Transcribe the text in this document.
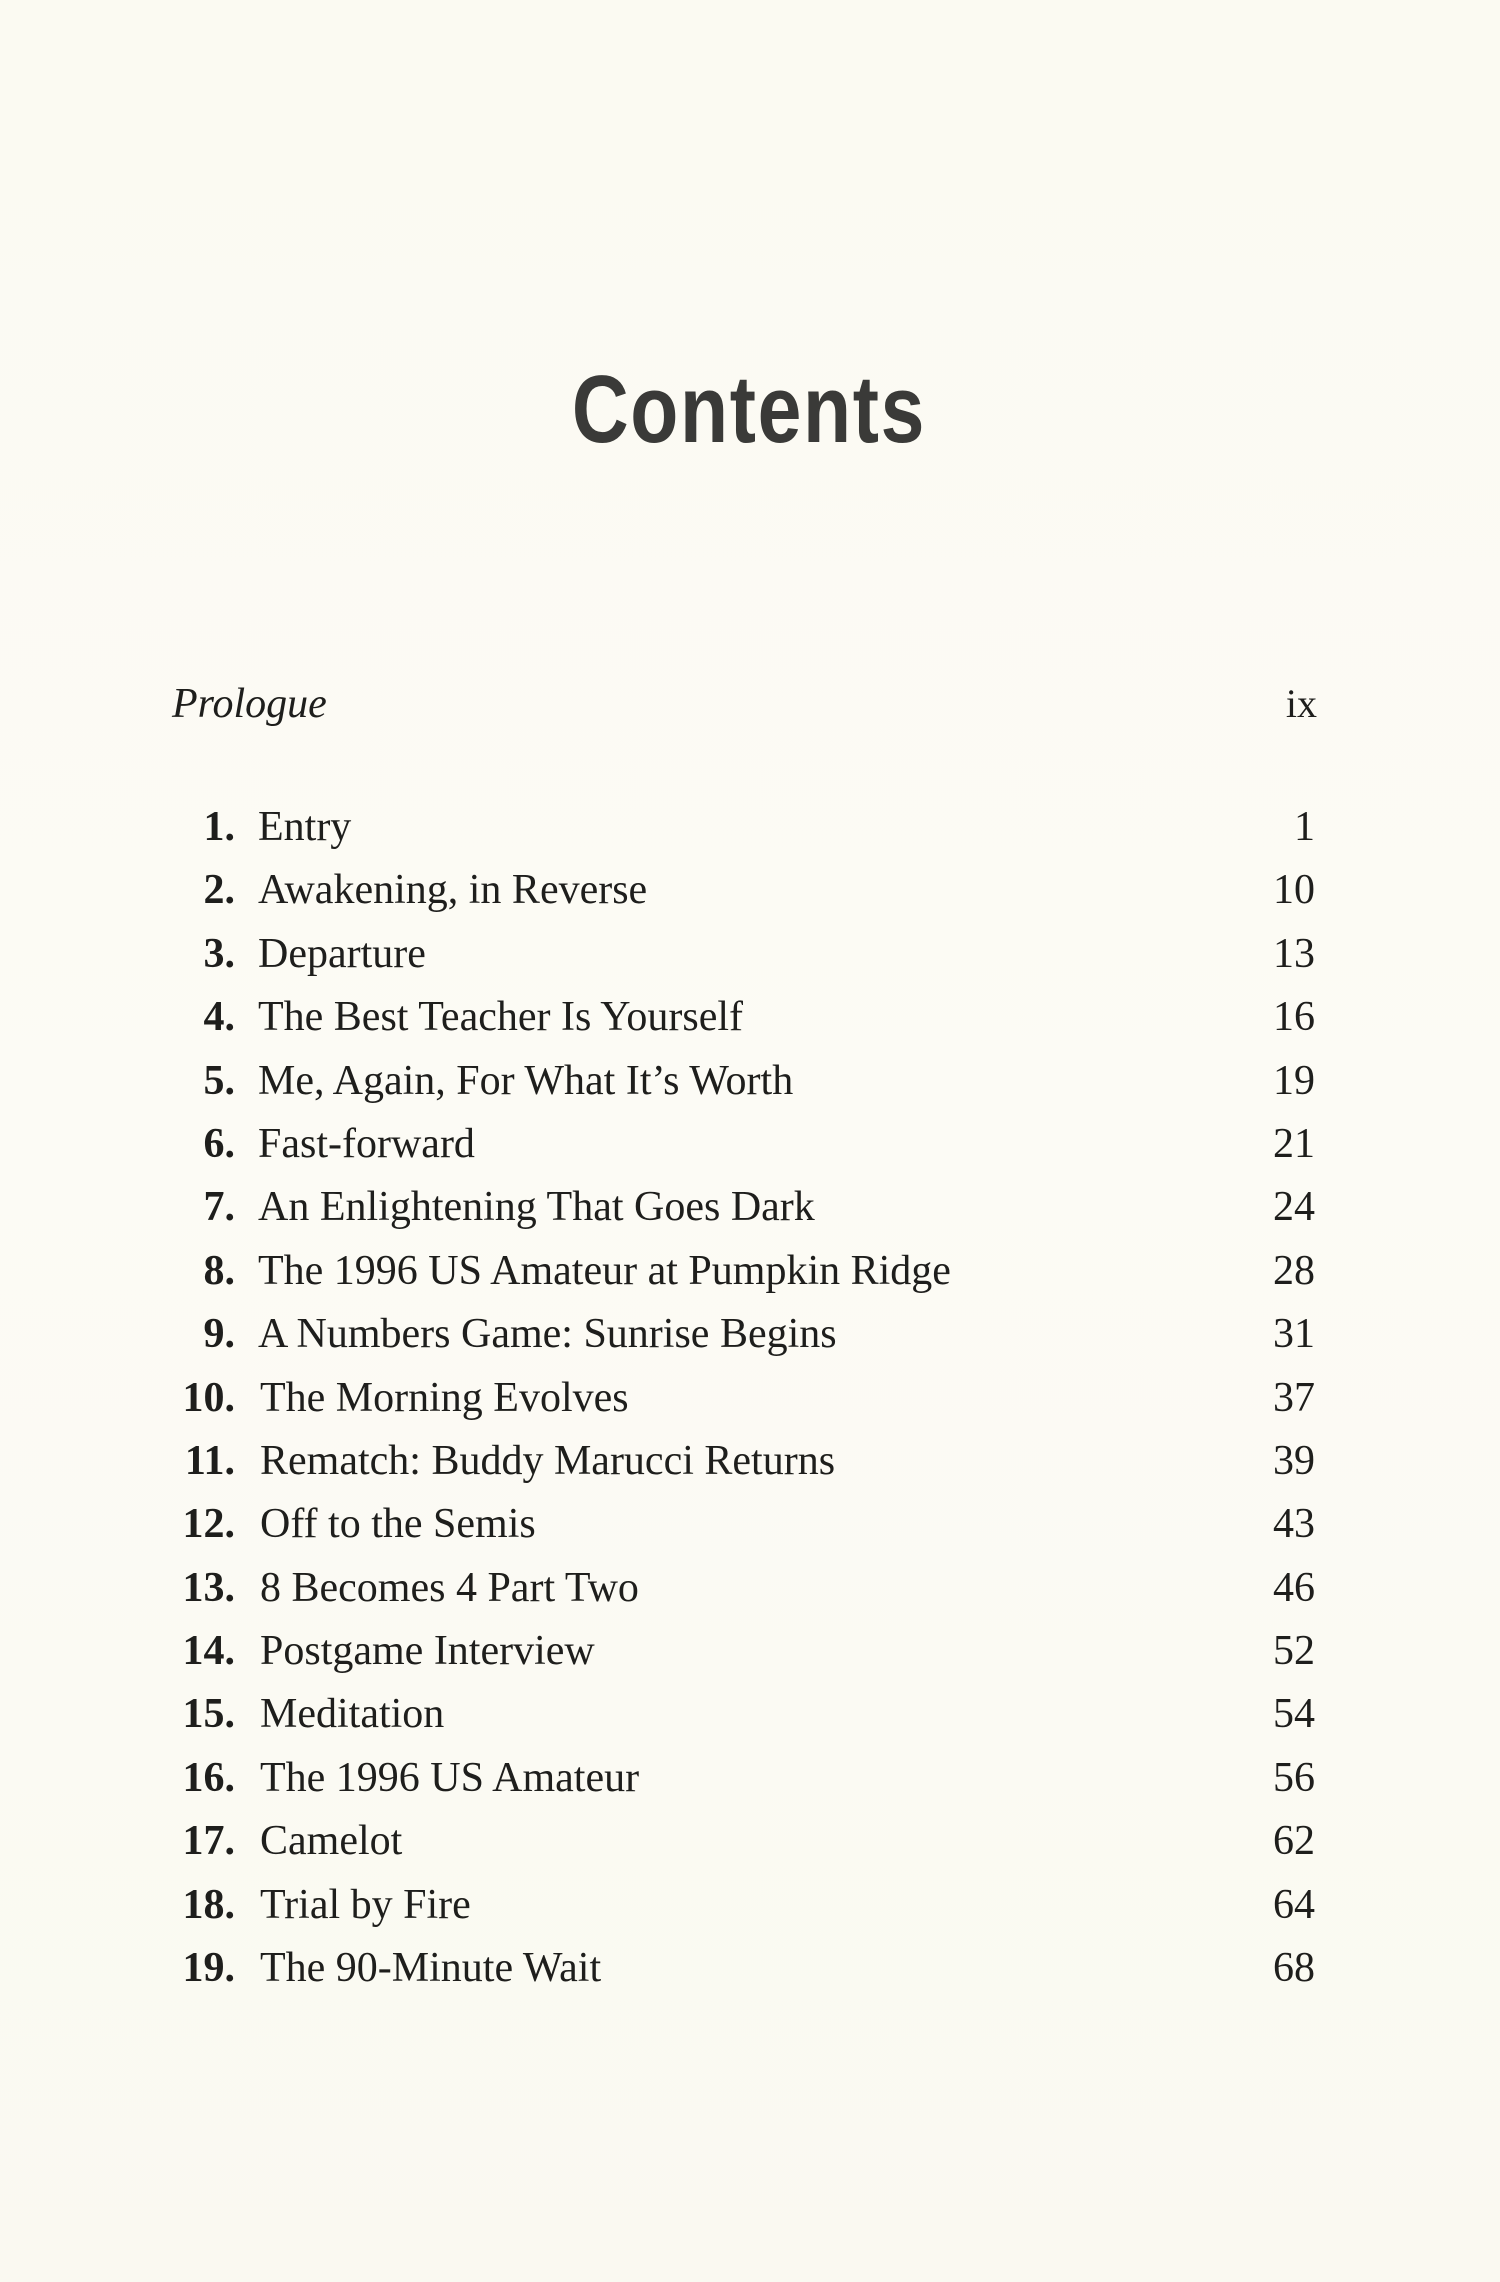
Contents
Prologue	ix
1. Entry	1
2. Awakening, in Reverse	10
3. Departure	13
4. The Best Teacher Is Yourself	16
5. Me, Again, For What It’s Worth	19
6. Fast-forward	21
7. An Enlightening That Goes Dark	24
8. The 1996 US Amateur at Pumpkin Ridge	28
9. A Numbers Game: Sunrise Begins	31
10. The Morning Evolves	37
11. Rematch: Buddy Marucci Returns	39
12. Off to the Semis	43
13. 8 Becomes 4 Part Two	46
14. Postgame Interview	52
15. Meditation	54
16. The 1996 US Amateur	56
17. Camelot	62
18. Trial by Fire	64
19. The 90-Minute Wait	68
